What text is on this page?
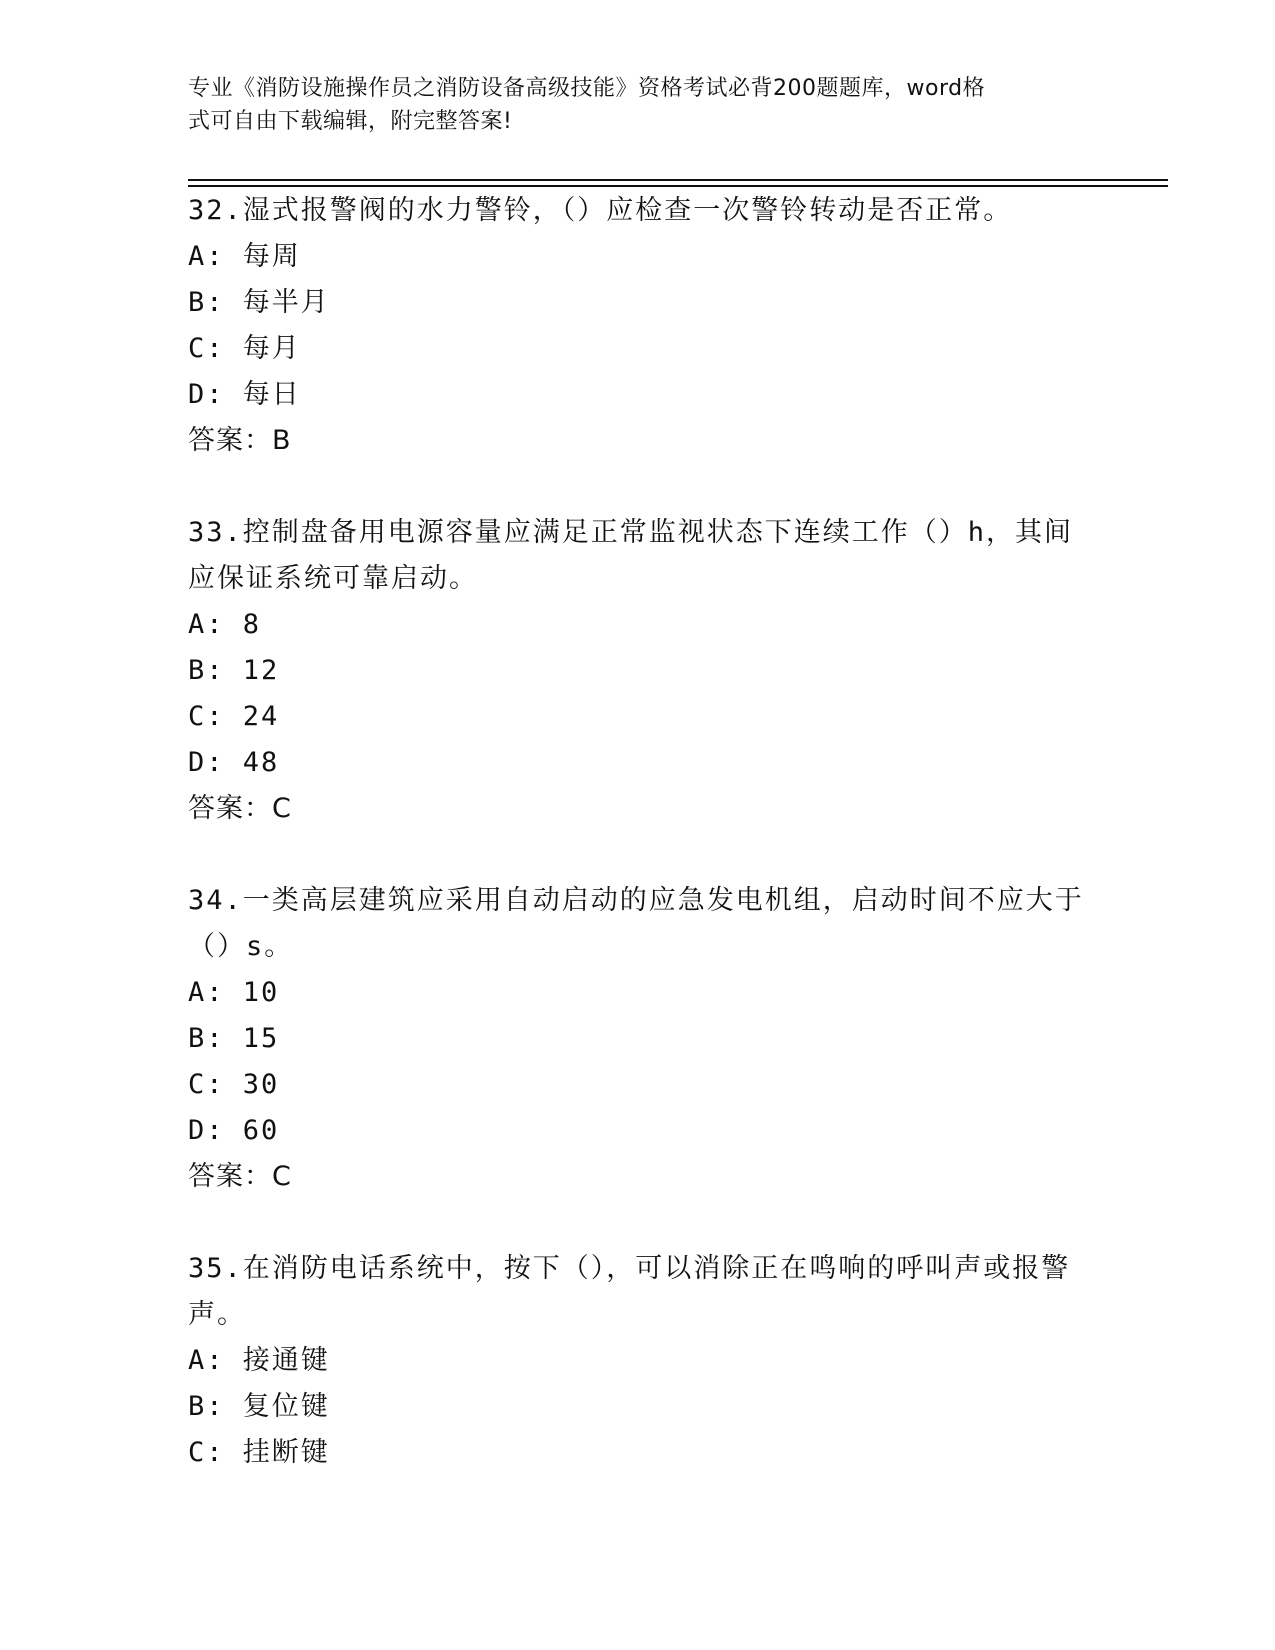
专业《消防设施操作员之消防设备高级技能》资格考试必背200题题库，word格
式可自由下载编辑，附完整答案!
32.湿式报警阀的水力警铃，（）应检查一次警铃转动是否正常。
A: 每周
B: 每半月
C: 每月
D: 每日
答案：B
33.控制盘备用电源容量应满足正常监视状态下连续工作（）h，其间
应保证系统可靠启动。
A: 8
B: 12
C: 24
D: 48
答案：C
34.一类高层建筑应采用自动启动的应急发电机组，启动时间不应大于
（）s。
A: 10
B: 15
C: 30
D: 60
答案：C
35.在消防电话系统中，按下（），可以消除正在鸣响的呼叫声或报警
声。
A: 接通键
B: 复位键
C: 挂断键
